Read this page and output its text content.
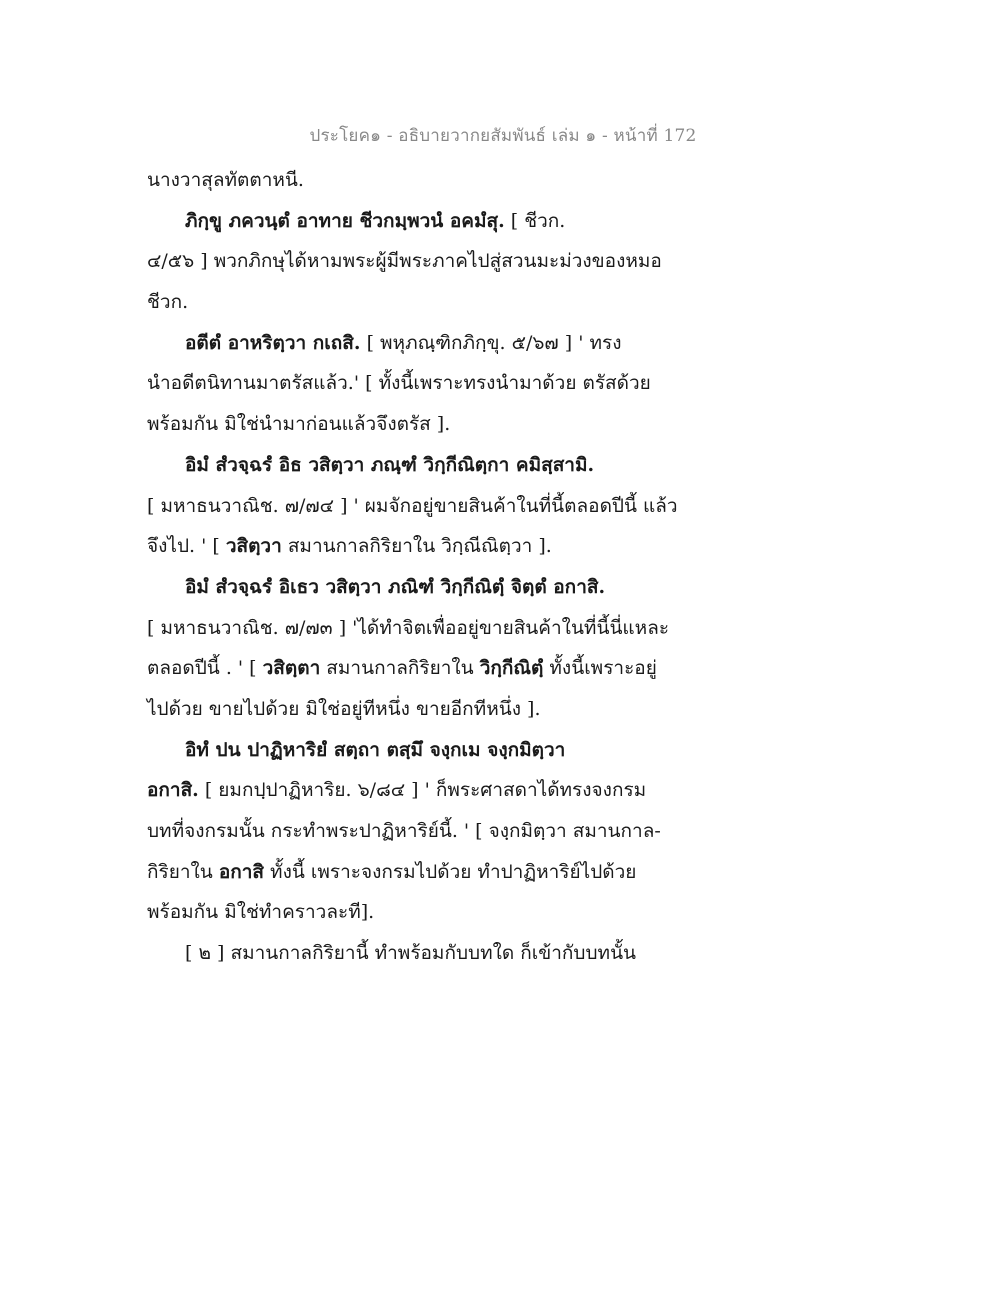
ประโยค๑ - อธิบายวากยสัมพันธ์ เล่ม ๑ - หน้าที่ 172
นางวาสุลทัตตาหนี.
ภิกฺขู ภควนฺตํ อาทาย ชีวกมฺพวนํ อคมํสุ. [ ชีวก.
๔/๕๖ ] พวกภิกษุได้หามพระผู้มีพระภาคไปสู่สวนมะม่วงของหมอ
ชีวก.
อตีตํ อาหริตฺวา กเถสิ. [ พหุภณฺฑิกภิกฺขุ. ๕/๖๗ ] ' ทรง
นำอดีตนิทานมาตรัสแล้ว.' [ ทั้งนี้เพราะทรงนำมาด้วย ตรัสด้วย
พร้อมกัน มิใช่นำมาก่อนแล้วจึงตรัส ].
อิมํ สํวจฺฉรํ อิธ วสิตฺวา ภณฺฑํ วิกฺกีณิตฺกา คมิสฺสามิ.
[ มหาธนวาณิช. ๗/๗๔ ] ' ผมจักอยู่ขายสินค้าในที่นี้ตลอดปีนี้ แล้ว
จึงไป. ' [ วสิตฺวา สมานกาลกิริยาใน วิกฺณีณิตฺวา ].
อิมํ สํวจฺฉรํ อิเธว วสิตฺวา ภณิฑํ วิกฺกีณิตฺํ จิตฺตํ อกาสิ.
[ มหาธนวาณิช. ๗/๗๓ ] 'ได้ทำจิตเพื่ออยู่ขายสินค้าในที่นี้นี่แหละ
ตลอดปีนี้ . ' [ วสิตฺตา สมานกาลกิริยาใน วิกฺกีณิตฺํ ทั้งนี้เพราะอยู่
ไปด้วย ขายไปด้วย มิใช่อยู่ทีหนึ่ง ขายอีกทีหนึ่ง ].
อิทํ ปน ปาฏิหาริยํ สตฺถา ตสฺมึ จงฺกเม จงฺกมิตฺวา
อกาสิ. [ ยมกปฺปาฏิหาริย. ๖/๘๔ ] ' ก็พระศาสดาได้ทรงจงกรม
บทที่จงกรมนั้น กระทำพระปาฏิหาริย์นี้. ' [ จงฺกมิตฺวา สมานกาล-
กิริยาใน อกาสิ ทั้งนี้ เพราะจงกรมไปด้วย ทำปาฏิหาริย์ไปด้วย
พร้อมกัน มิใช่ทำคราวละที].
[ ๒ ] สมานกาลกิริยานี้ ทำพร้อมกับบทใด ก็เข้ากับบทนั้น
